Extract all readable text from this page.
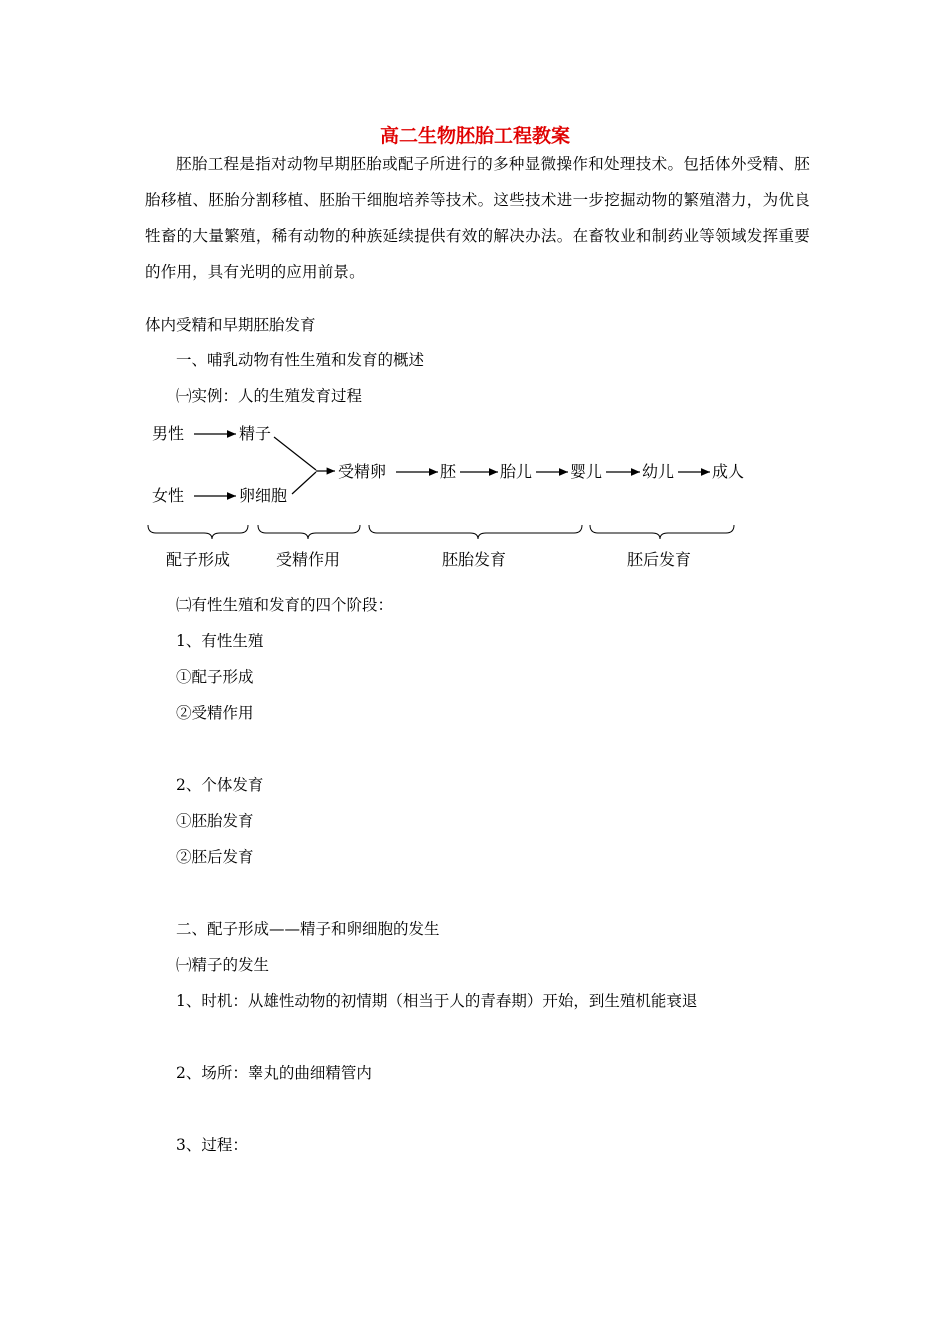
高二生物胚胎工程教案

胚胎工程是指对动物早期胚胎或配子所进行的多种显微操作和处理技术。包括体外受精、胚胎移植、胚胎分割移植、胚胎干细胞培养等技术。这些技术进一步挖掘动物的繁殖潜力，为优良牲畜的大量繁殖，稀有动物的种族延续提供有效的解决办法。在畜牧业和制药业等领域发挥重要的作用，具有光明的应用前景。

体内受精和早期胚胎发育

一、哺乳动物有性生殖和发育的概述

㈠实例：人的生殖发育过程

男性	精子
女性	卵细胞
受精卵	胚	胎儿 婴儿 幼儿 成人
配子形成	受精作用	胚胎发育	胚后发育

㈡有性生殖和发育的四个阶段：

1、有性生殖

①配子形成

②受精作用

2、个体发育

①胚胎发育

②胚后发育

二、配子形成——精子和卵细胞的发生

㈠精子的发生

1、时机：从雄性动物的初情期（相当于人的青春期）开始，到生殖机能衰退

2、场所：睾丸的曲细精管内

3、过程：
